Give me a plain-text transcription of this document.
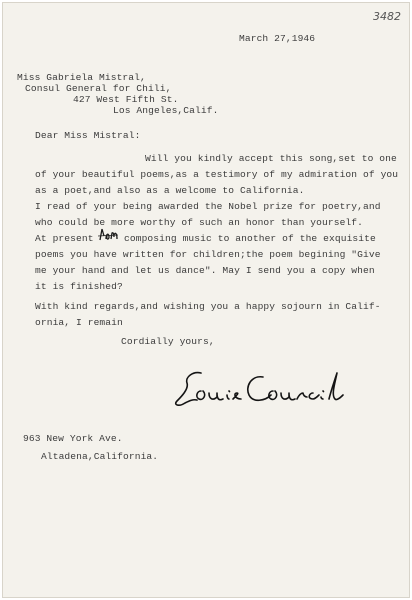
3482
March 27,1946
Miss Gabriela Mistral,
Consul General for Chili,
427 West Fifth St.
Los Angeles,Calif.
Dear Miss Mistral:
Will you kindly accept this song,set to one
of your beautiful poems,as a testimory of my admiration of you
as a poet,and also as a welcome to California.
I read of your being awarded the Nobel prize for poetry,and
who could be more worthy of such an honor than yourself.
At present	composing music to another of the exquisite
poems you have written for children;the poem begining "Give
me your hand and let us dance". May I send you a copy when
it is finished?
With kind regards,and wishing you a happy sojourn in Calif-
ornia, I remain
Cordially yours,
963 New York Ave.
Altadena,California.
